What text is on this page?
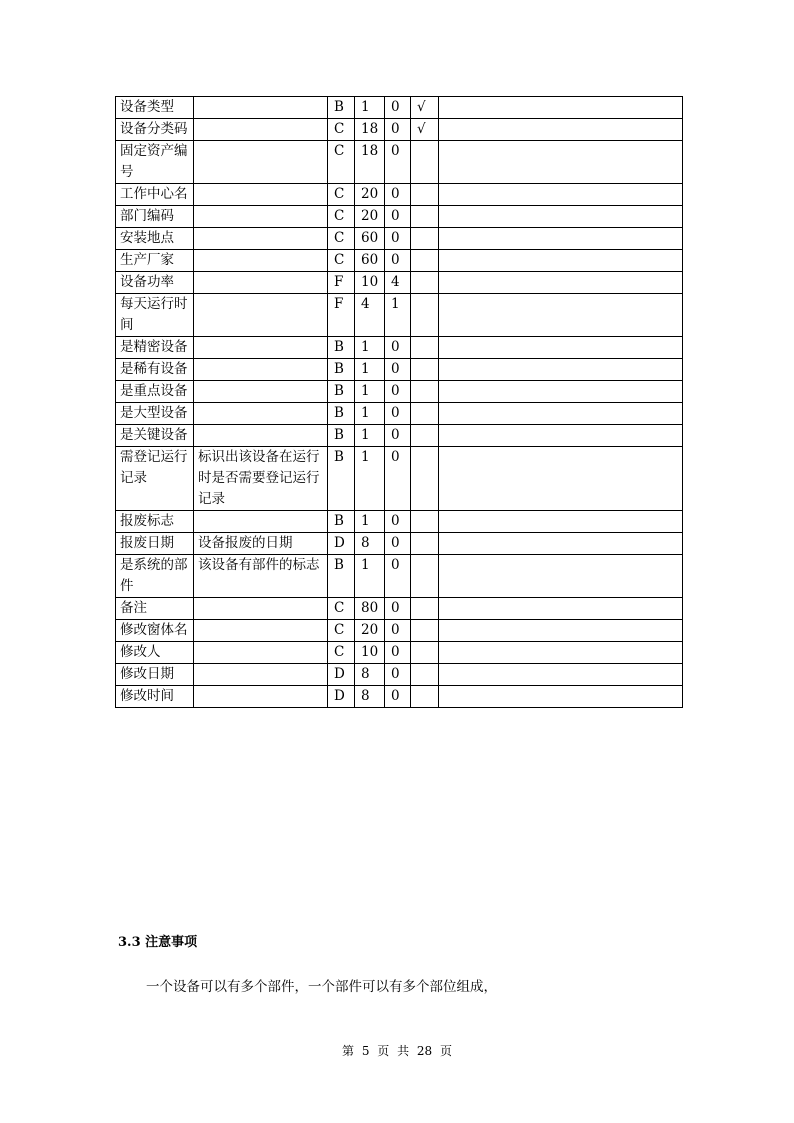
设备类型		B	1	0	√	
设备分类码		C	18	0	√	
固定资产编号		C	18	0		
工作中心名		C	20	0		
部门编码		C	20	0		
安装地点		C	60	0		
生产厂家		C	60	0		
设备功率		F	10	4		
每天运行时间		F	4	1		
是精密设备		B	1	0		
是稀有设备		B	1	0		
是重点设备		B	1	0		
是大型设备		B	1	0		
是关键设备		B	1	0		
需登记运行记录	标识出该设备在运行时是否需要登记运行记录	B	1	0		
报废标志		B	1	0		
报废日期	设备报废的日期	D	8	0		
是系统的部件	该设备有部件的标志	B	1	0		
备注		C	80	0		
修改窗体名		C	20	0		
修改人		C	10	0		
修改日期		D	8	0		
修改时间		D	8	0		
3.3 注意事项
一个设备可以有多个部件，一个部件可以有多个部位组成，
第 5 页 共 28 页
